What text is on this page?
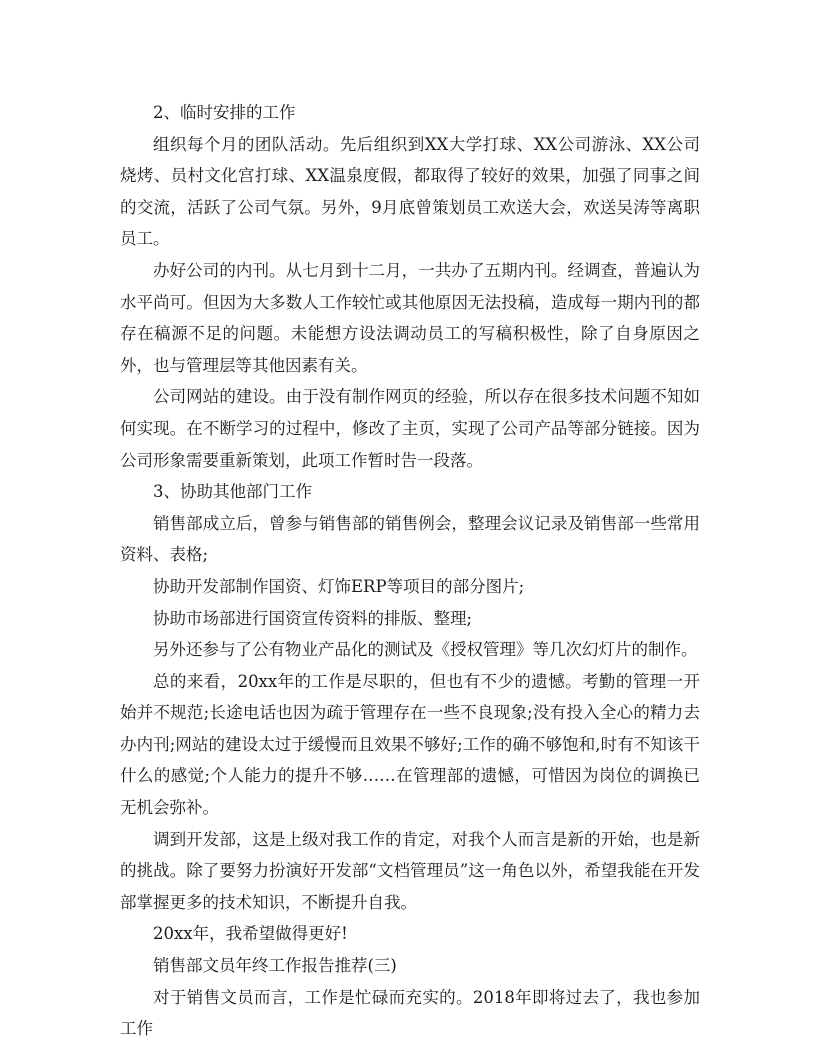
2、临时安排的工作

组织每个月的团队活动。先后组织到XX大学打球、XX公司游泳、XX公司烧烤、员村文化宫打球、XX温泉度假，都取得了较好的效果，加强了同事之间的交流，活跃了公司气氛。另外，9月底曾策划员工欢送大会，欢送吴涛等离职员工。

办好公司的内刊。从七月到十二月，一共办了五期内刊。经调查，普遍认为水平尚可。但因为大多数人工作较忙或其他原因无法投稿，造成每一期内刊的都存在稿源不足的问题。未能想方设法调动员工的写稿积极性，除了自身原因之外，也与管理层等其他因素有关。

公司网站的建设。由于没有制作网页的经验，所以存在很多技术问题不知如何实现。在不断学习的过程中，修改了主页，实现了公司产品等部分链接。因为公司形象需要重新策划，此项工作暂时告一段落。

3、协助其他部门工作

销售部成立后，曾参与销售部的销售例会，整理会议记录及销售部一些常用资料、表格;

协助开发部制作国资、灯饰ERP等项目的部分图片;

协助市场部进行国资宣传资料的排版、整理;

另外还参与了公有物业产品化的测试及《授权管理》等几次幻灯片的制作。

总的来看，20xx年的工作是尽职的，但也有不少的遗憾。考勤的管理一开始并不规范;长途电话也因为疏于管理存在一些不良现象;没有投入全心的精力去办内刊;网站的建设太过于缓慢而且效果不够好;工作的确不够饱和,时有不知该干什么的感觉;个人能力的提升不够……在管理部的遗憾，可惜因为岗位的调换已无机会弥补。

调到开发部，这是上级对我工作的肯定，对我个人而言是新的开始，也是新的挑战。除了要努力扮演好开发部“文档管理员”这一角色以外，希望我能在开发部掌握更多的技术知识，不断提升自我。

20xx年，我希望做得更好!

销售部文员年终工作报告推荐(三)

对于销售文员而言，工作是忙碌而充实的。2018年即将过去了，我也参加工作
